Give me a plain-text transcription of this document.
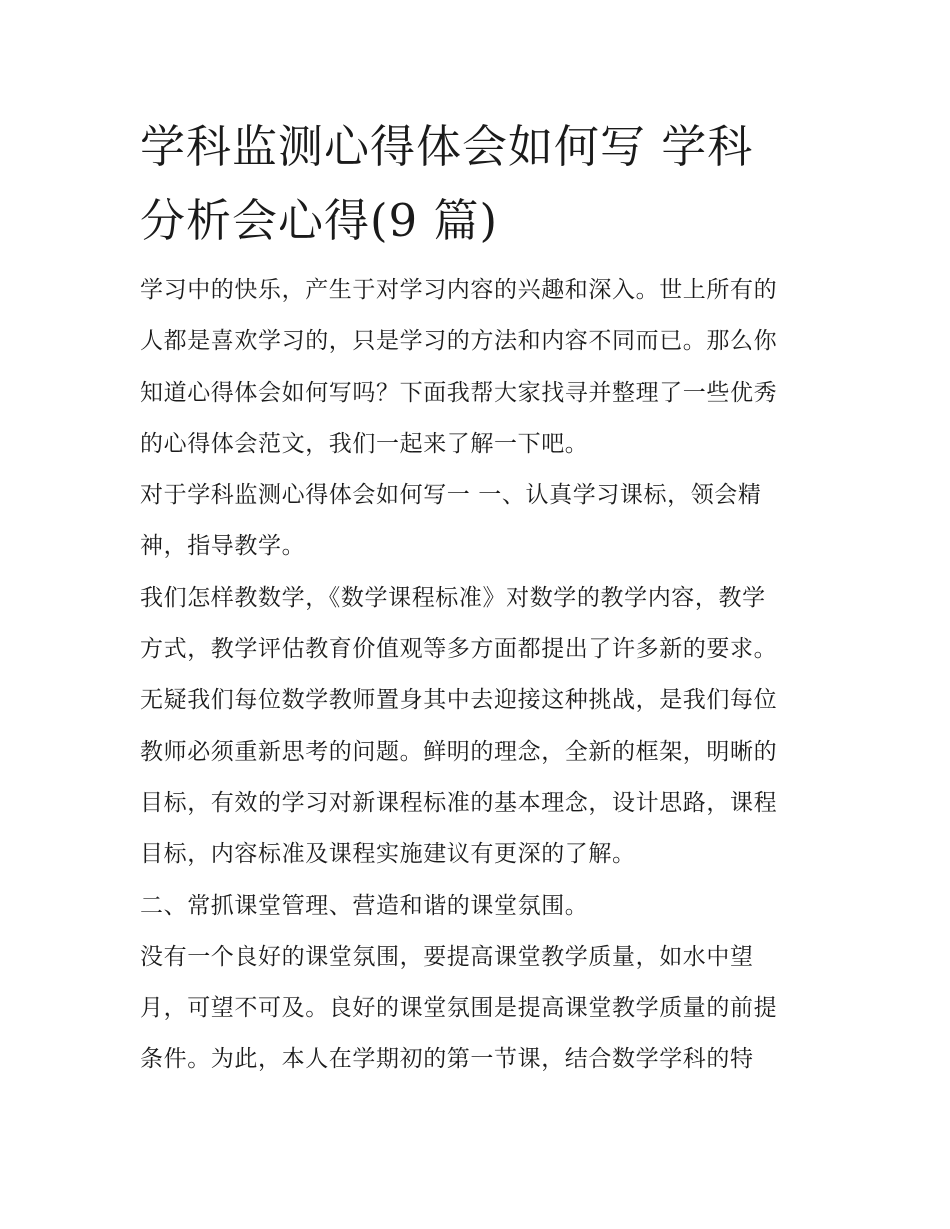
学科监测心得体会如何写 学科
分析会心得(9 篇)

学习中的快乐，产生于对学习内容的兴趣和深入。世上所有的
人都是喜欢学习的，只是学习的方法和内容不同而已。那么你
知道心得体会如何写吗？下面我帮大家找寻并整理了一些优秀
的心得体会范文，我们一起来了解一下吧。

对于学科监测心得体会如何写一 一、认真学习课标，领会精
神，指导教学。

我们怎样教数学，《数学课程标准》对数学的教学内容，教学
方式，教学评估教育价值观等多方面都提出了许多新的要求。
无疑我们每位数学教师置身其中去迎接这种挑战，是我们每位
教师必须重新思考的问题。鲜明的理念，全新的框架，明晰的
目标，有效的学习对新课程标准的基本理念，设计思路，课程
目标，内容标准及课程实施建议有更深的了解。

二、常抓课堂管理、营造和谐的课堂氛围。

没有一个良好的课堂氛围，要提高课堂教学质量，如水中望
月，可望不可及。良好的课堂氛围是提高课堂教学质量的前提
条件。为此，本人在学期初的第一节课，结合数学学科的特
